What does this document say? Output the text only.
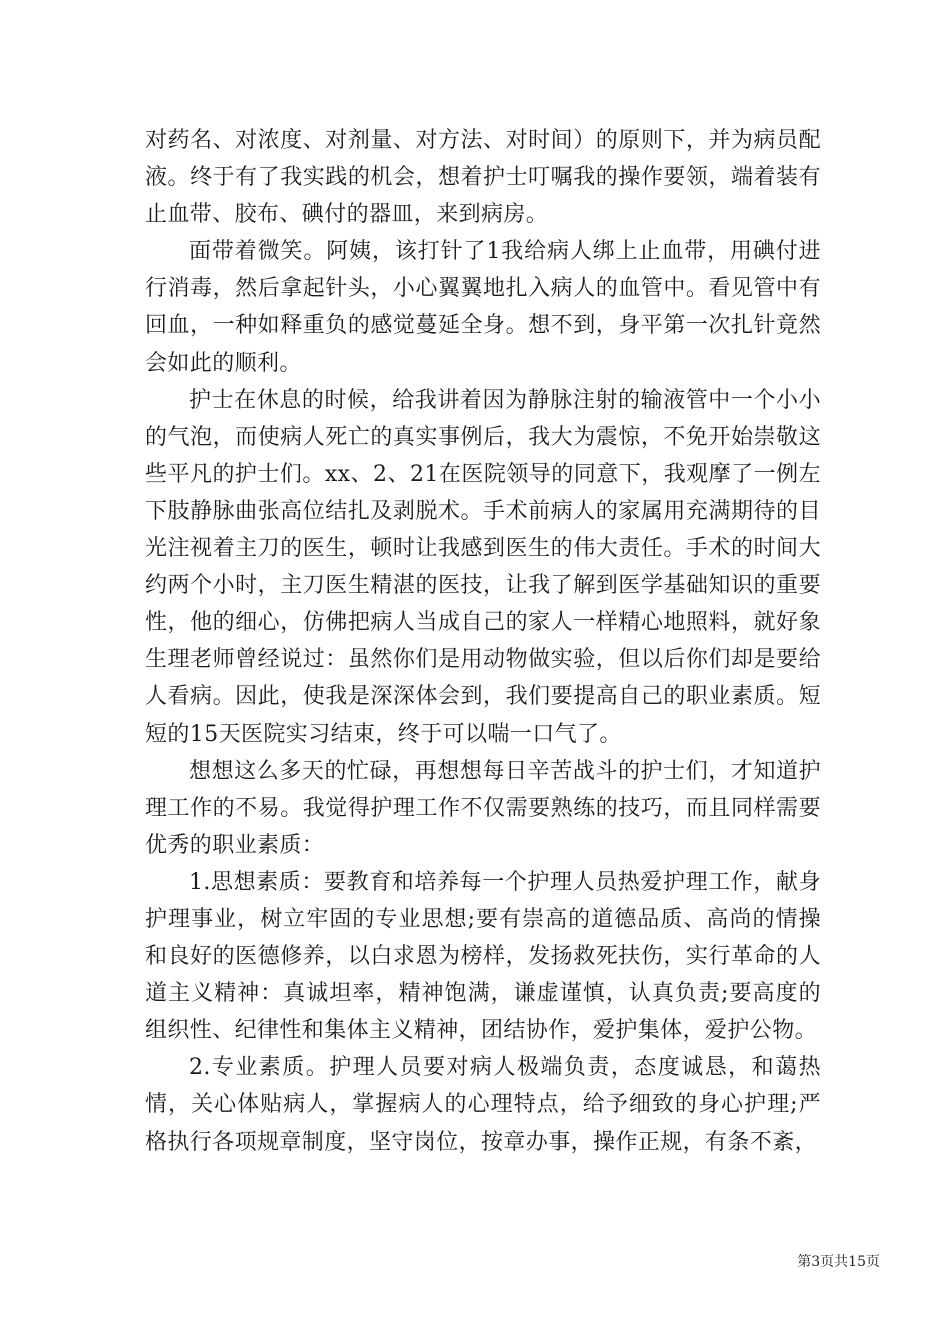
对药名、对浓度、对剂量、对方法、对时间）的原则下，并为病员配液。终于有了我实践的机会，想着护士叮嘱我的操作要领，端着装有止血带、胶布、碘付的器皿，来到病房。

面带着微笑。阿姨，该打针了1我给病人绑上止血带，用碘付进行消毒，然后拿起针头，小心翼翼地扎入病人的血管中。看见管中有回血，一种如释重负的感觉蔓延全身。想不到，身平第一次扎针竟然会如此的顺利。

护士在休息的时候，给我讲着因为静脉注射的输液管中一个小小的气泡，而使病人死亡的真实事例后，我大为震惊，不免开始崇敬这些平凡的护士们。xx、2、21在医院领导的同意下，我观摩了一例左下肢静脉曲张高位结扎及剥脱术。手术前病人的家属用充满期待的目光注视着主刀的医生，顿时让我感到医生的伟大责任。手术的时间大约两个小时，主刀医生精湛的医技，让我了解到医学基础知识的重要性，他的细心，仿佛把病人当成自己的家人一样精心地照料，就好象生理老师曾经说过：虽然你们是用动物做实验，但以后你们却是要给人看病。因此，使我是深深体会到，我们要提高自己的职业素质。短短的15天医院实习结束，终于可以喘一口气了。

想想这么多天的忙碌，再想想每日辛苦战斗的护士们，才知道护理工作的不易。我觉得护理工作不仅需要熟练的技巧，而且同样需要优秀的职业素质：

1.思想素质：要教育和培养每一个护理人员热爱护理工作，献身护理事业，树立牢固的专业思想;要有崇高的道德品质、高尚的情操和良好的医德修养，以白求恩为榜样，发扬救死扶伤，实行革命的人道主义精神：真诚坦率，精神饱满，谦虚谨慎，认真负责;要高度的组织性、纪律性和集体主义精神，团结协作，爱护集体，爱护公物。

2.专业素质。护理人员要对病人极端负责，态度诚恳，和蔼热情，关心体贴病人，掌握病人的心理特点，给予细致的身心护理;严格执行各项规章制度，坚守岗位，按章办事，操作正规，有条不紊，

第3页共15页
